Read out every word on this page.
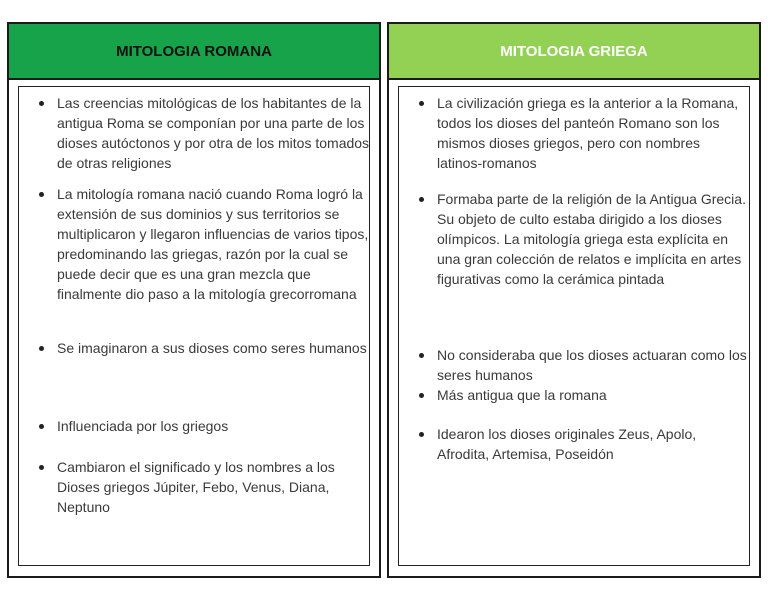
MITOLOGIA ROMANA
Las creencias mitológicas de los habitantes de la antigua Roma se componían por una parte de los dioses autóctonos y por otra de los mitos tomados de otras religiones
La mitología romana nació cuando Roma logró la extensión de sus dominios y sus territorios se multiplicaron y llegaron influencias de varios tipos, predominando las griegas, razón por la cual se puede decir que es una gran mezcla que finalmente dio paso a la mitología grecorromana
Se imaginaron a sus dioses como seres humanos
Influenciada por los griegos
Cambiaron el significado y los nombres a los Dioses griegos Júpiter, Febo, Venus, Diana, Neptuno
MITOLOGIA GRIEGA
La civilización griega es la anterior a la Romana, todos los dioses del panteón Romano son los mismos dioses griegos, pero con nombres latinos-romanos
Formaba parte de la religión de la Antigua Grecia. Su objeto de culto estaba dirigido a los dioses olímpicos. La mitología griega esta explícita en una gran colección de relatos e implícita en artes figurativas como la cerámica pintada
No consideraba que los dioses actuaran como los seres humanos
Más antigua que la romana
Idearon los dioses originales Zeus, Apolo, Afrodita, Artemisa, Poseidón
